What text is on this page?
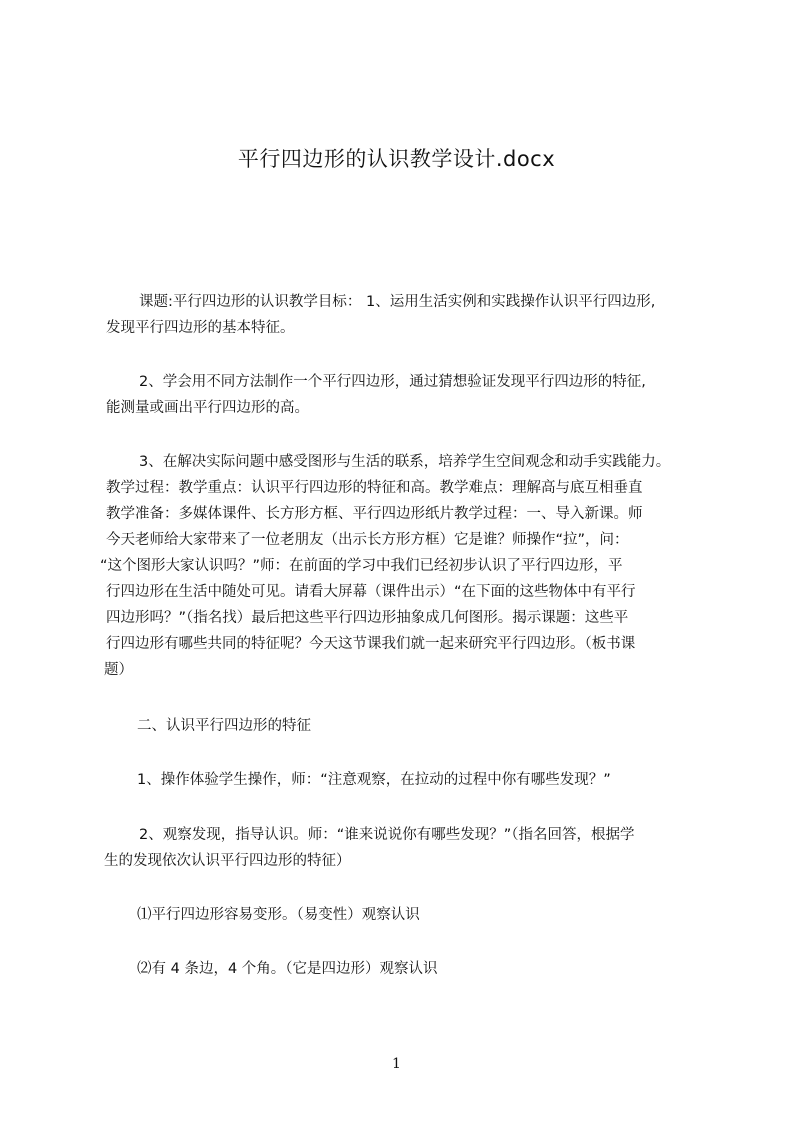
平行四边形的认识教学设计.docx
课题:平行四边形的认识教学目标： 1、运用生活实例和实践操作认识平行四边形,
发现平行四边形的基本特征。
2、学会用不同方法制作一个平行四边形，通过猜想验证发现平行四边形的特征,
能测量或画出平行四边形的高。
3、在解决实际问题中感受图形与生活的联系，培养学生空间观念和动手实践能力。
教学过程：教学重点：认识平行四边形的特征和高。教学难点：理解高与底互相垂直
教学准备：多媒体课件、长方形方框、平行四边形纸片教学过程：一、导入新课。师
今天老师给大家带来了一位老朋友（出示长方形方框）它是谁？师操作“拉”，问：
“这个图形大家认识吗？”师：在前面的学习中我们已经初步认识了平行四边形，平
行四边形在生活中随处可见。请看大屏幕（课件出示）“在下面的这些物体中有平行
四边形吗？”（指名找）最后把这些平行四边形抽象成几何图形。揭示课题：这些平
行四边形有哪些共同的特征呢？今天这节课我们就一起来研究平行四边形。（板书课
题）
二、认识平行四边形的特征
1、操作体验学生操作，师：“注意观察，在拉动的过程中你有哪些发现？”
2、观察发现，指导认识。师：“谁来说说你有哪些发现？”（指名回答，根据学
生的发现依次认识平行四边形的特征）
⑴平行四边形容易变形。（易变性）观察认识
⑵有 4 条边，4 个角。（它是四边形）观察认识
1
